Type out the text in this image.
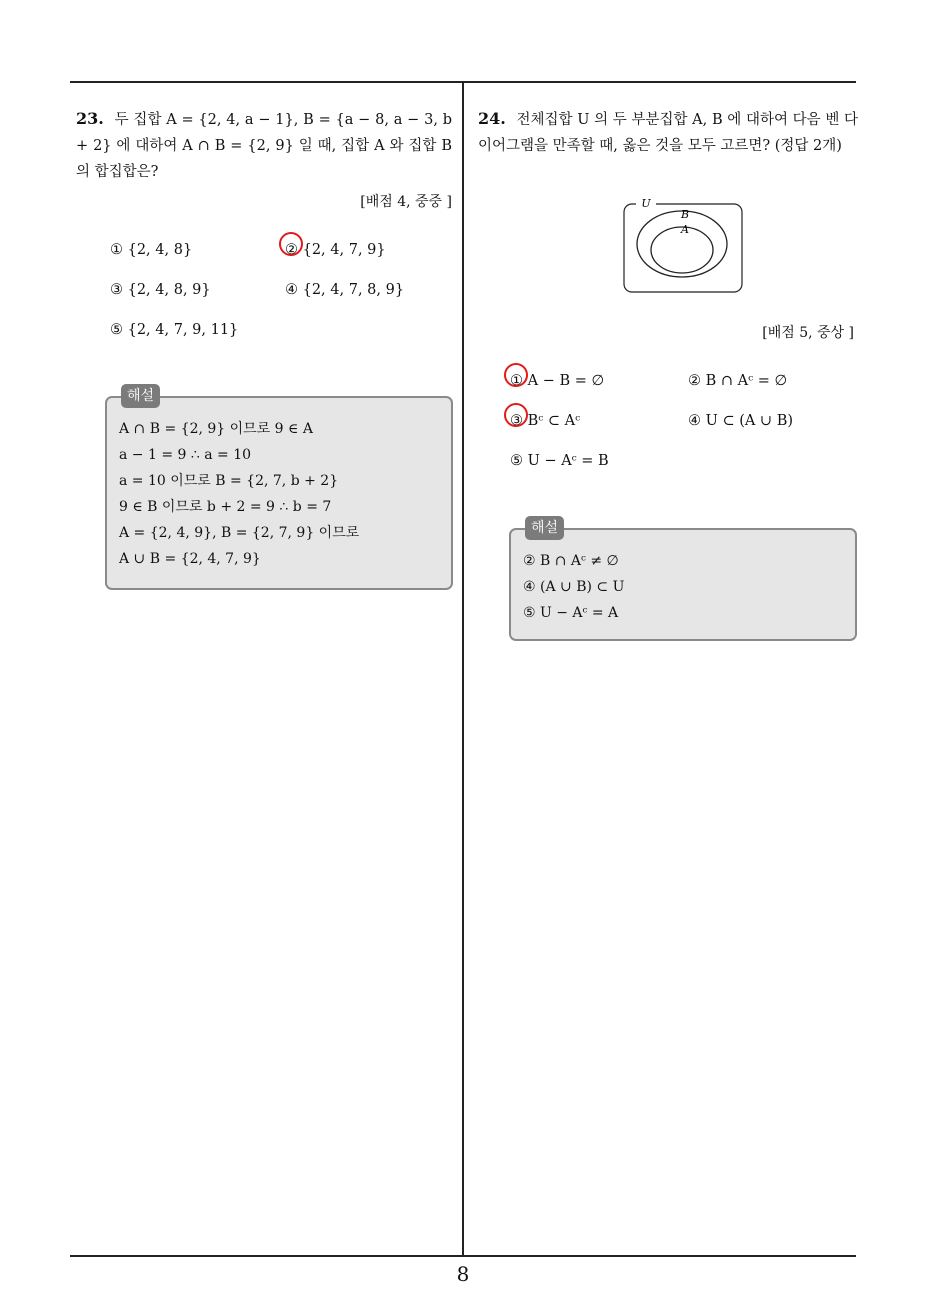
23. 두 집합 A = {2, 4, a − 1}, B = {a − 8, a − 3, b + 2} 에 대하여 A ∩ B = {2, 9} 일 때, 집합 A 와 집합 B 의 합집합은?
[배점 4, 중중 ]
① {2, 4, 8}	② {2, 4, 7, 9}
③ {2, 4, 8, 9}	④ {2, 4, 7, 8, 9}
⑤ {2, 4, 7, 9, 11}
해설
A ∩ B = {2, 9} 이므로 9 ∈ A
a − 1 = 9 ∴ a = 10
a = 10 이므로 B = {2, 7, b + 2}
9 ∈ B 이므로 b + 2 = 9 ∴ b = 7
A = {2, 4, 9}, B = {2, 7, 9} 이므로
A ∪ B = {2, 4, 7, 9}
24. 전체집합 U 의 두 부분집합 A, B 에 대하여 다음 벤 다이어그램을 만족할 때, 옳은 것을 모두 고르면? (정답 2개)
U
B
A
[배점 5, 중상 ]
① A − B = ∅	② B ∩ Aᶜ = ∅
③ Bᶜ ⊂ Aᶜ	④ U ⊂ (A ∪ B)
⑤ U − Aᶜ = B
해설
② B ∩ Aᶜ ≠ ∅
④ (A ∪ B) ⊂ U
⑤ U − Aᶜ = A
8
